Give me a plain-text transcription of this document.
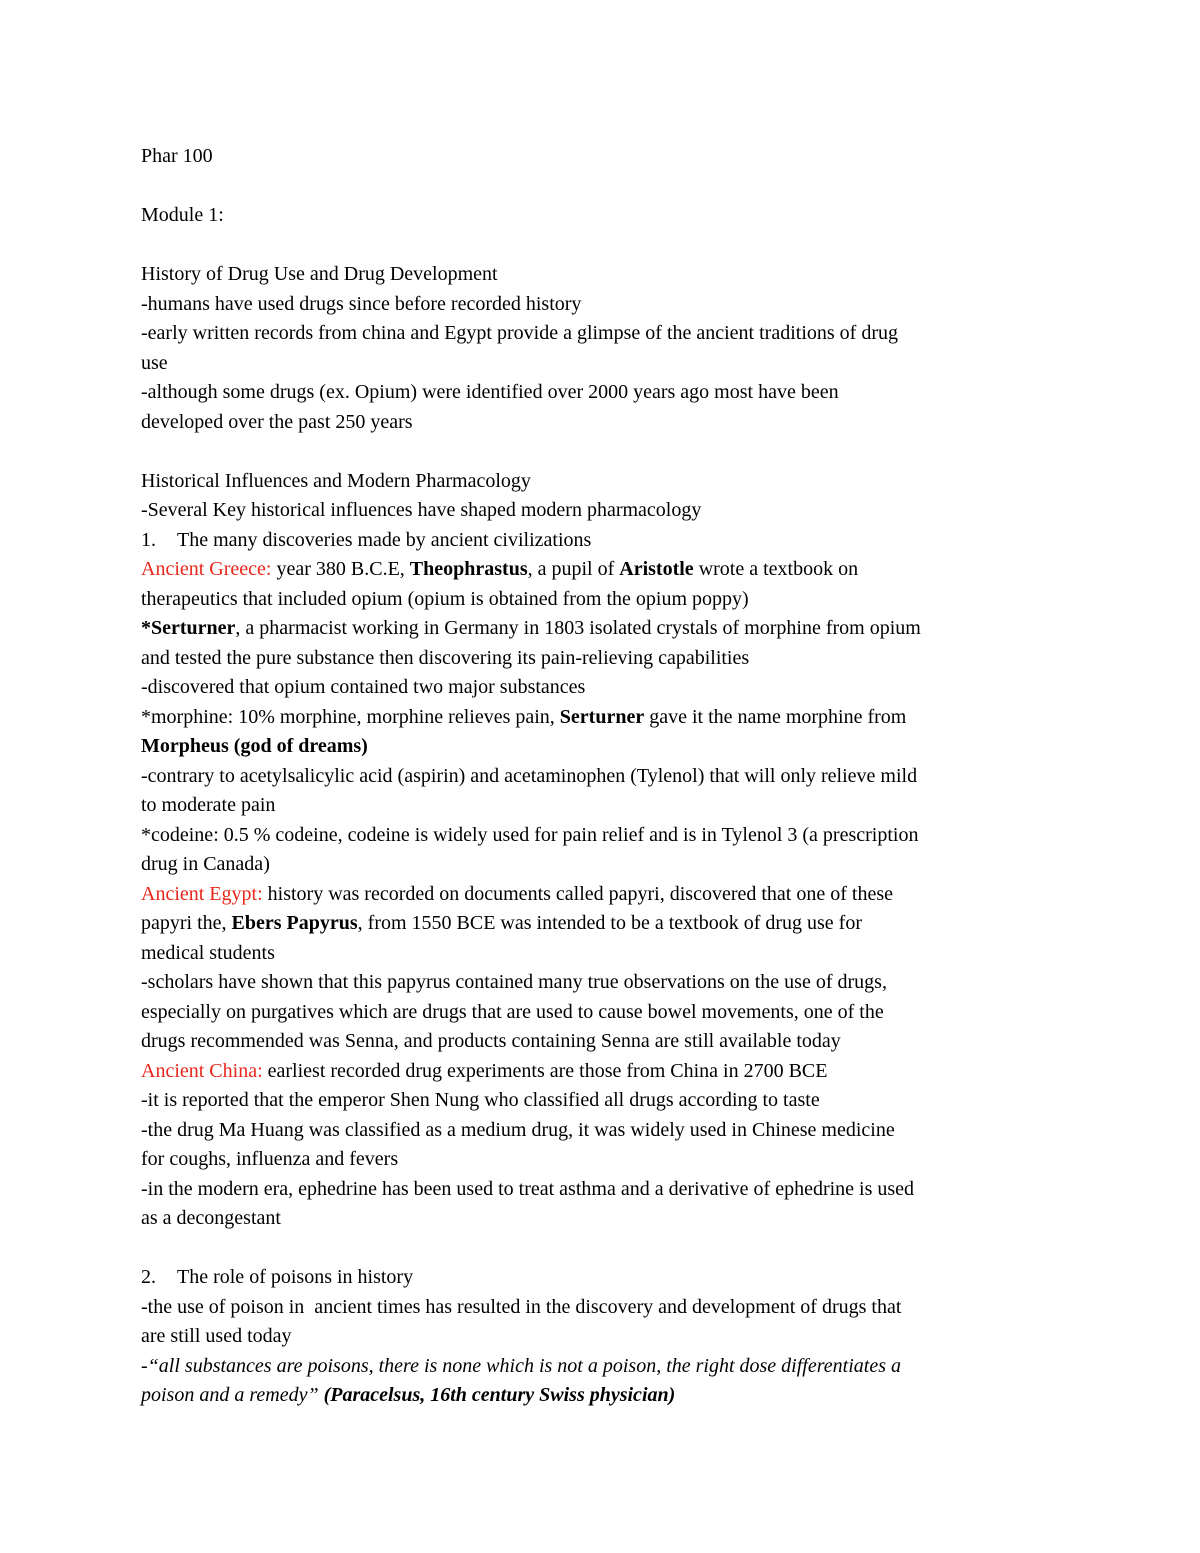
Phar 100
Module 1:
History of Drug Use and Drug Development
-humans have used drugs since before recorded history
-early written records from china and Egypt provide a glimpse of the ancient traditions of drug
use
-although some drugs (ex. Opium) were identified over 2000 years ago most have been
developed over the past 250 years
Historical Influences and Modern Pharmacology
-Several Key historical influences have shaped modern pharmacology
1. The many discoveries made by ancient civilizations
Ancient Greece: year 380 B.C.E, Theophrastus, a pupil of Aristotle wrote a textbook on
therapeutics that included opium (opium is obtained from the opium poppy)
*Serturner, a pharmacist working in Germany in 1803 isolated crystals of morphine from opium
and tested the pure substance then discovering its pain-relieving capabilities
-discovered that opium contained two major substances
*morphine: 10% morphine, morphine relieves pain, Serturner gave it the name morphine from
Morpheus (god of dreams)
-contrary to acetylsalicylic acid (aspirin) and acetaminophen (Tylenol) that will only relieve mild
to moderate pain
*codeine: 0.5 % codeine, codeine is widely used for pain relief and is in Tylenol 3 (a prescription
drug in Canada)
Ancient Egypt: history was recorded on documents called papyri, discovered that one of these
papyri the, Ebers Papyrus, from 1550 BCE was intended to be a textbook of drug use for
medical students
-scholars have shown that this papyrus contained many true observations on the use of drugs,
especially on purgatives which are drugs that are used to cause bowel movements, one of the
drugs recommended was Senna, and products containing Senna are still available today
Ancient China: earliest recorded drug experiments are those from China in 2700 BCE
-it is reported that the emperor Shen Nung who classified all drugs according to taste
-the drug Ma Huang was classified as a medium drug, it was widely used in Chinese medicine
for coughs, influenza and fevers
-in the modern era, ephedrine has been used to treat asthma and a derivative of ephedrine is used
as a decongestant
2. The role of poisons in history
-the use of poison in  ancient times has resulted in the discovery and development of drugs that
are still used today
-“all substances are poisons, there is none which is not a poison, the right dose differentiates a
poison and a remedy” (Paracelsus, 16th century Swiss physician)
